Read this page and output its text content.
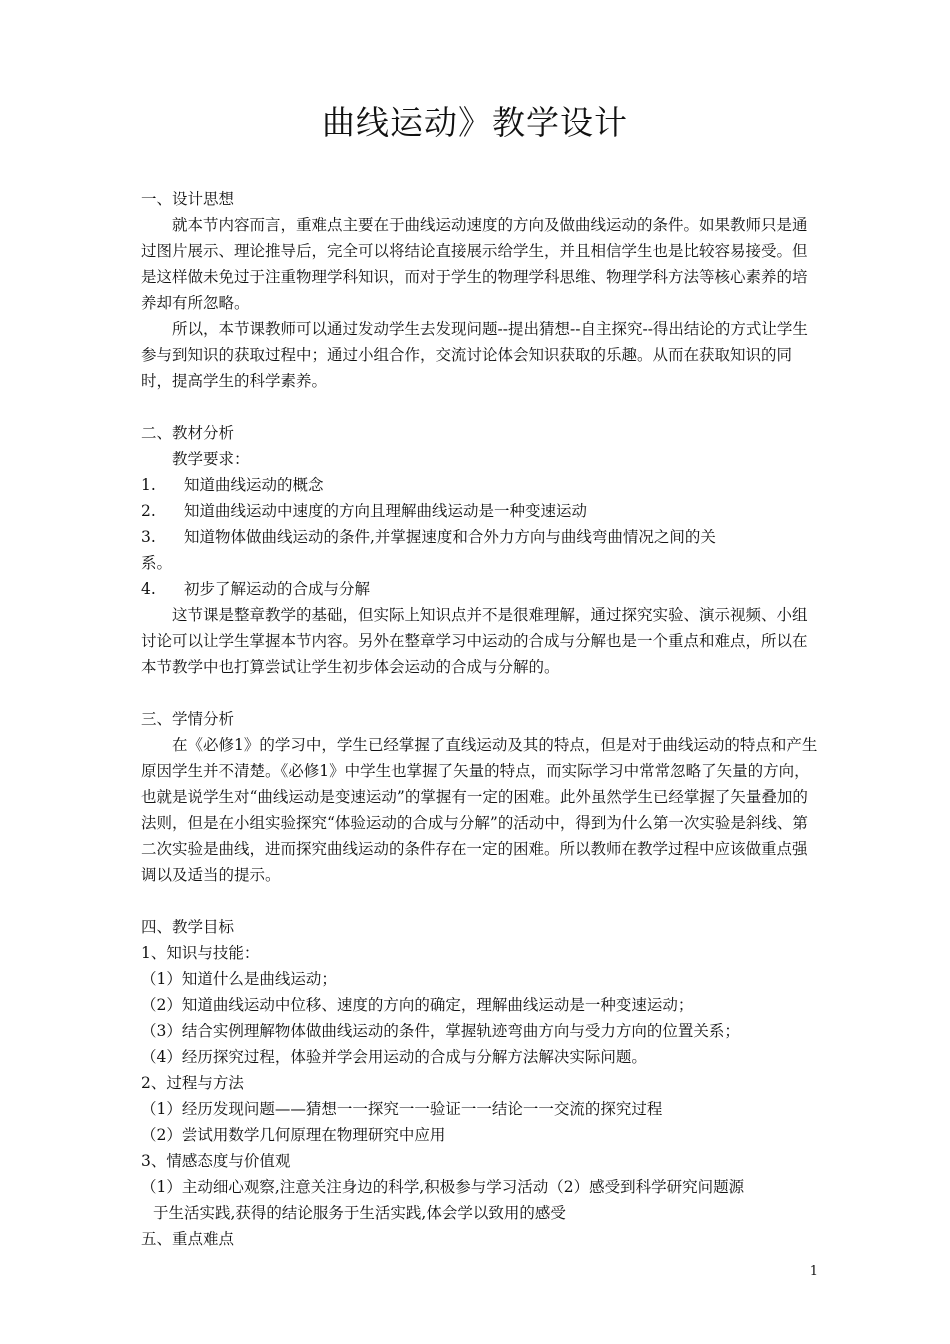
曲线运动》教学设计

一、设计思想

就本节内容而言，重难点主要在于曲线运动速度的方向及做曲线运动的条件。如果教师只是通过图片展示、理论推导后，完全可以将结论直接展示给学生，并且相信学生也是比较容易接受。但是这样做未免过于注重物理学科知识，而对于学生的物理学科思维、物理学科方法等核心素养的培养却有所忽略。

所以，本节课教师可以通过发动学生去发现问题--提出猜想--自主探究--得出结论的方式让学生参与到知识的获取过程中；通过小组合作，交流讨论体会知识获取的乐趣。从而在获取知识的同时，提高学生的科学素养。

二、教材分析

教学要求：

1. 知道曲线运动的概念

2. 知道曲线运动中速度的方向且理解曲线运动是一种变速运动

3. 知道物体做曲线运动的条件,并掌握速度和合外力方向与曲线弯曲情况之间的关

系。

4. 初步了解运动的合成与分解

这节课是整章教学的基础，但实际上知识点并不是很难理解，通过探究实验、演示视频、小组讨论可以让学生掌握本节内容。另外在整章学习中运动的合成与分解也是一个重点和难点，所以在本节教学中也打算尝试让学生初步体会运动的合成与分解的。

三、学情分析

在《必修1》的学习中，学生已经掌握了直线运动及其的特点，但是对于曲线运动的特点和产生原因学生并不清楚。《必修1》中学生也掌握了矢量的特点，而实际学习中常常忽略了矢量的方向，也就是说学生对“曲线运动是变速运动”的掌握有一定的困难。此外虽然学生已经掌握了矢量叠加的法则，但是在小组实验探究“体验运动的合成与分解”的活动中，得到为什么第一次实验是斜线、第二次实验是曲线，进而探究曲线运动的条件存在一定的困难。所以教师在教学过程中应该做重点强调以及适当的提示。

四、教学目标

1、知识与技能：

（1）知道什么是曲线运动；

（2）知道曲线运动中位移、速度的方向的确定，理解曲线运动是一种变速运动；

（3）结合实例理解物体做曲线运动的条件，掌握轨迹弯曲方向与受力方向的位置关系；

（4）经历探究过程，体验并学会用运动的合成与分解方法解决实际问题。

2、过程与方法

（1）经历发现问题——猜想一一探究一一验证一一结论一一交流的探究过程

（2）尝试用数学几何原理在物理研究中应用

3、情感态度与价值观

（1）主动细心观察,注意关注身边的科学,积极参与学习活动（2）感受到科学研究问题源

于生活实践,获得的结论服务于生活实践,体会学以致用的感受

五、重点难点

1
